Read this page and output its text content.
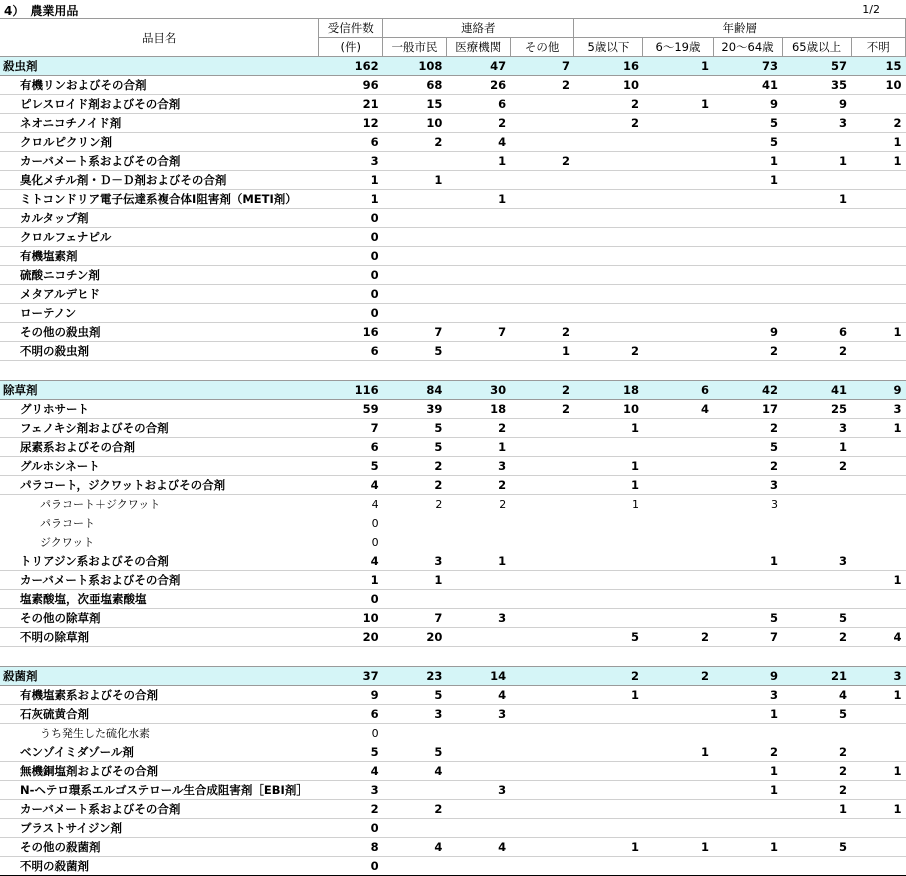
4）　農業用品	1/2
品目名	受信件数	連絡者			年齢層				
	(件)	一般市民	医療機関	その他	5歳以下	6～19歳	20～64歳	65歳以上	不明
殺虫剤	162	108	47	7	16	1	73	57	15
有機リンおよびその合剤	96	68	26	2	10		41	35	10
ピレスロイド剤およびその合剤	21	15	6		2	1	9	9	
ネオニコチノイド剤	12	10	2		2		5	3	2
クロルピクリン剤	6	2	4				5		1
カーバメート系およびその合剤	3		1	2			1	1	1
臭化メチル剤・Ｄ－Ｄ剤およびその合剤	1	1					1		
ミトコンドリア電子伝達系複合体Ⅰ阻害剤（METI剤）	1		1					1	
カルタップ剤	0								
クロルフェナピル	0								
有機塩素剤	0								
硫酸ニコチン剤	0								
メタアルデヒド	0								
ローテノン	0								
その他の殺虫剤	16	7	7	2			9	6	1
不明の殺虫剤	6	5		1	2		2	2	

除草剤	116	84	30	2	18	6	42	41	9
グリホサート	59	39	18	2	10	4	17	25	3
フェノキシ剤およびその合剤	7	5	2		1		2	3	1
尿素系およびその合剤	6	5	1				5	1	
グルホシネート	5	2	3		1		2	2	
パラコート，ジクワットおよびその合剤	4	2	2		1		3		
パラコート＋ジクワット	4	2	2		1		3		
パラコート	0								
ジクワット	0								
トリアジン系およびその合剤	4	3	1				1	3	
カーバメート系およびその合剤	1	1							1
塩素酸塩，次亜塩素酸塩	0								
その他の除草剤	10	7	3				5	5	
不明の除草剤	20	20			5	2	7	2	4

殺菌剤	37	23	14		2	2	9	21	3
有機塩素系およびその合剤	9	5	4		1		3	4	1
石灰硫黄合剤	6	3	3				1	5	
うち発生した硫化水素	0								
ベンゾイミダゾール剤	5	5				1	2	2	
無機銅塩剤およびその合剤	4	4					1	2	1
N-ヘテロ環系エルゴステロール生合成阻害剤［EBI剤］	3		3				1	2	
カーバメート系およびその合剤	2	2						1	1
ブラストサイジン剤	0								
その他の殺菌剤	8	4	4		1	1	1	5	
不明の殺菌剤	0								
